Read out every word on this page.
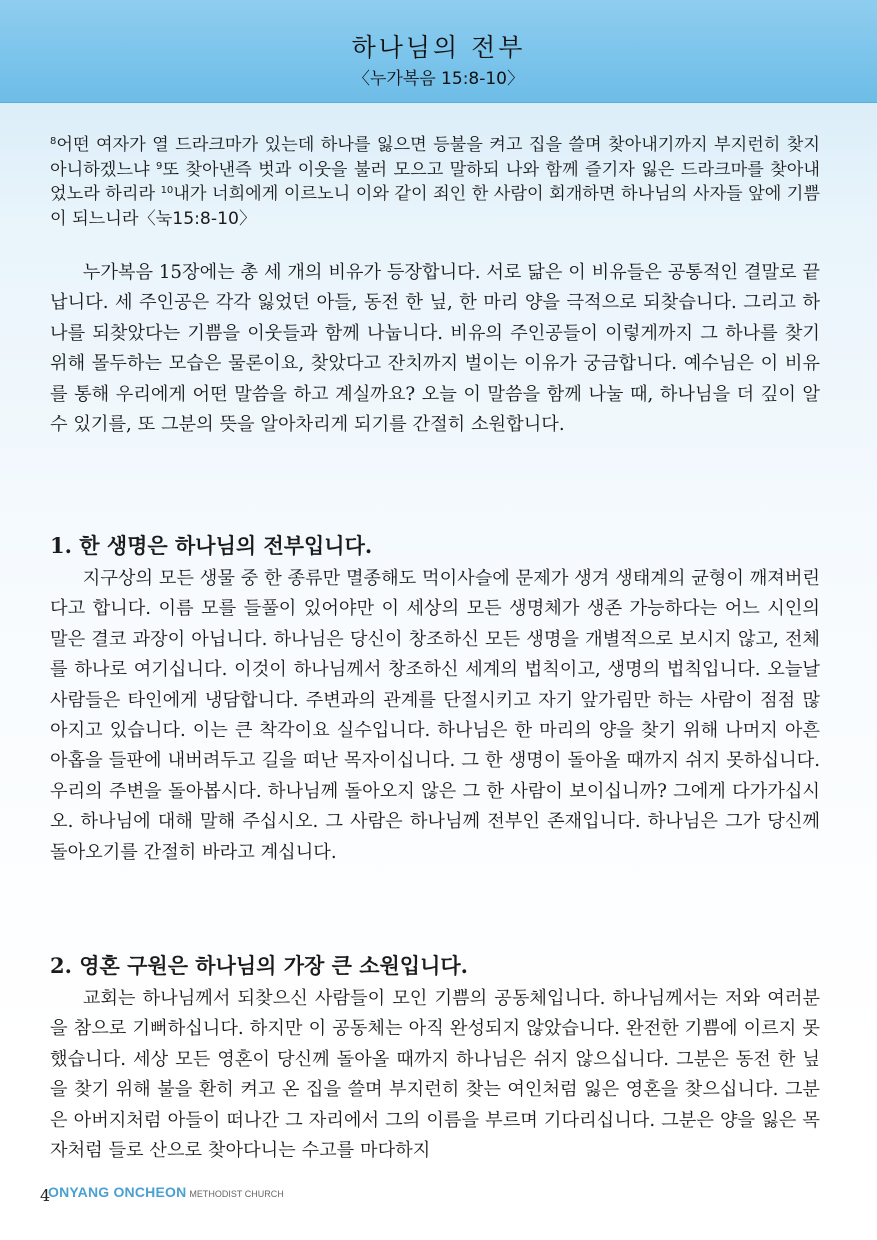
하나님의 전부
〈누가복음 15:8-10〉
$^8$어떤 여자가 열 드라크마가 있는데 하나를 잃으면 등불을 켜고 집을 쓸며 찾아내기까지 부지런히 찾지 아니하겠느냐 $^9$또 찾아낸즉 벗과 이웃을 불러 모으고 말하되 나와 함께 즐기자 잃은 드라크마를 찾아내었노라 하리라 $^{10}$내가 너희에게 이르노니 이와 같이 죄인 한 사람이 회개하면 하나님의 사자들 앞에 기쁨이 되느니라〈눅15:8-10〉

누가복음 15장에는 총 세 개의 비유가 등장합니다. 서로 닮은 이 비유들은 공통적인 결말로 끝납니다. 세 주인공은 각각 잃었던 아들, 동전 한 닢, 한 마리 양을 극적으로 되찾습니다. 그리고 하나를 되찾았다는 기쁨을 이웃들과 함께 나눕니다. 비유의 주인공들이 이렇게까지 그 하나를 찾기 위해 몰두하는 모습은 물론이요, 찾았다고 잔치까지 벌이는 이유가 궁금합니다. 예수님은 이 비유를 통해 우리에게 어떤 말씀을 하고 계실까요? 오늘 이 말씀을 함께 나눌 때, 하나님을 더 깊이 알 수 있기를, 또 그분의 뜻을 알아차리게 되기를 간절히 소원합니다.

1. 한 생명은 하나님의 전부입니다.

지구상의 모든 생물 중 한 종류만 멸종해도 먹이사슬에 문제가 생겨 생태계의 균형이 깨져버린다고 합니다. 이름 모를 들풀이 있어야만 이 세상의 모든 생명체가 생존 가능하다는 어느 시인의 말은 결코 과장이 아닙니다. 하나님은 당신이 창조하신 모든 생명을 개별적으로 보시지 않고, 전체를 하나로 여기십니다. 이것이 하나님께서 창조하신 세계의 법칙이고, 생명의 법칙입니다. 오늘날 사람들은 타인에게 냉담합니다. 주변과의 관계를 단절시키고 자기 앞가림만 하는 사람이 점점 많아지고 있습니다. 이는 큰 착각이요 실수입니다. 하나님은 한 마리의 양을 찾기 위해 나머지 아흔 아홉을 들판에 내버려두고 길을 떠난 목자이십니다. 그 한 생명이 돌아올 때까지 쉬지 못하십니다. 우리의 주변을 돌아봅시다. 하나님께 돌아오지 않은 그 한 사람이 보이십니까? 그에게 다가가십시오. 하나님에 대해 말해 주십시오. 그 사람은 하나님께 전부인 존재입니다. 하나님은 그가 당신께 돌아오기를 간절히 바라고 계십니다.

2. 영혼 구원은 하나님의 가장 큰 소원입니다.

교회는 하나님께서 되찾으신 사람들이 모인 기쁨의 공동체입니다. 하나님께서는 저와 여러분을 참으로 기뻐하십니다. 하지만 이 공동체는 아직 완성되지 않았습니다. 완전한 기쁨에 이르지 못했습니다. 세상 모든 영혼이 당신께 돌아올 때까지 하나님은 쉬지 않으십니다. 그분은 동전 한 닢을 찾기 위해 불을 환히 켜고 온 집을 쓸며 부지런히 찾는 여인처럼 잃은 영혼을 찾으십니다. 그분은 아버지처럼 아들이 떠나간 그 자리에서 그의 이름을 부르며 기다리십니다. 그분은 양을 잃은 목자처럼 들로 산으로 찾아다니는 수고를 마다하지

4
ONYANG ONCHEON METHODIST CHURCH
